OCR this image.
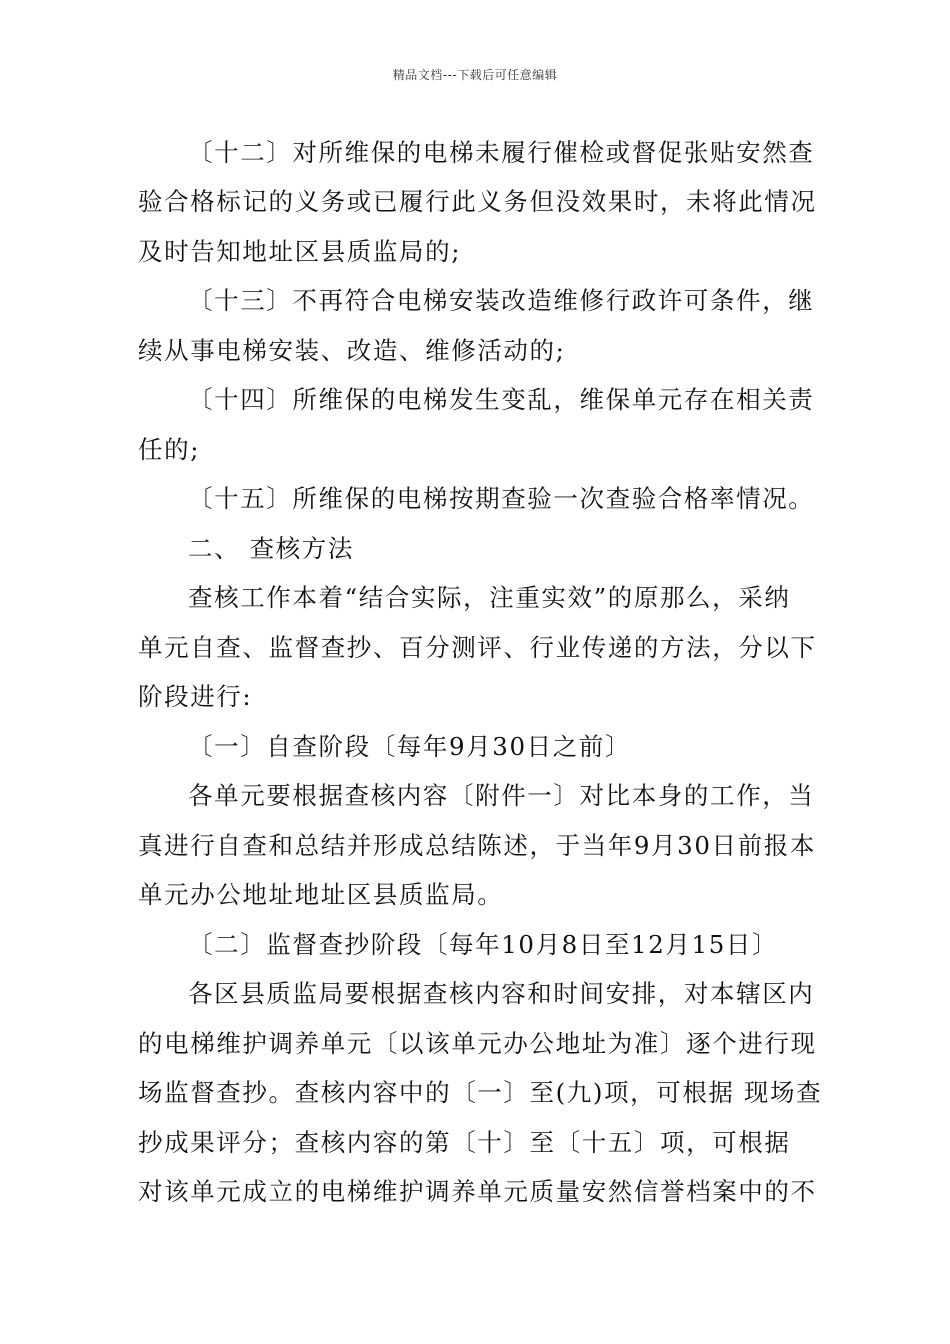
精品文档---下载后可任意编辑
〔十二〕对所维保的电梯未履行催检或督促张贴安然查
验合格标记的义务或已履行此义务但没效果时，未将此情况
及时告知地址区县质监局的;
〔十三〕不再符合电梯安装改造维修行政许可条件，继
续从事电梯安装、改造、维修活动的;
〔十四〕所维保的电梯发生变乱，维保单元存在相关责
任的;
〔十五〕所维保的电梯按期查验一次查验合格率情况。
二、 查核方法
查核工作本着“结合实际，注重实效”的原那么，采纳
单元自查、监督查抄、百分测评、行业传递的方法，分以下
阶段进行:
〔一〕自查阶段〔每年9月30日之前〕
各单元要根据查核内容〔附件一〕对比本身的工作，当
真进行自查和总结并形成总结陈述，于当年9月30日前报本
单元办公地址地址区县质监局。
〔二〕监督查抄阶段〔每年10月8日至12月15日〕
各区县质监局要根据查核内容和时间安排，对本辖区内
的电梯维护调养单元〔以该单元办公地址为准〕逐个进行现
场监督查抄。查核内容中的〔一〕至(九)项，可根据 现场查
抄成果评分；查核内容的第〔十〕至〔十五〕项，可根据
对该单元成立的电梯维护调养单元质量安然信誉档案中的不
